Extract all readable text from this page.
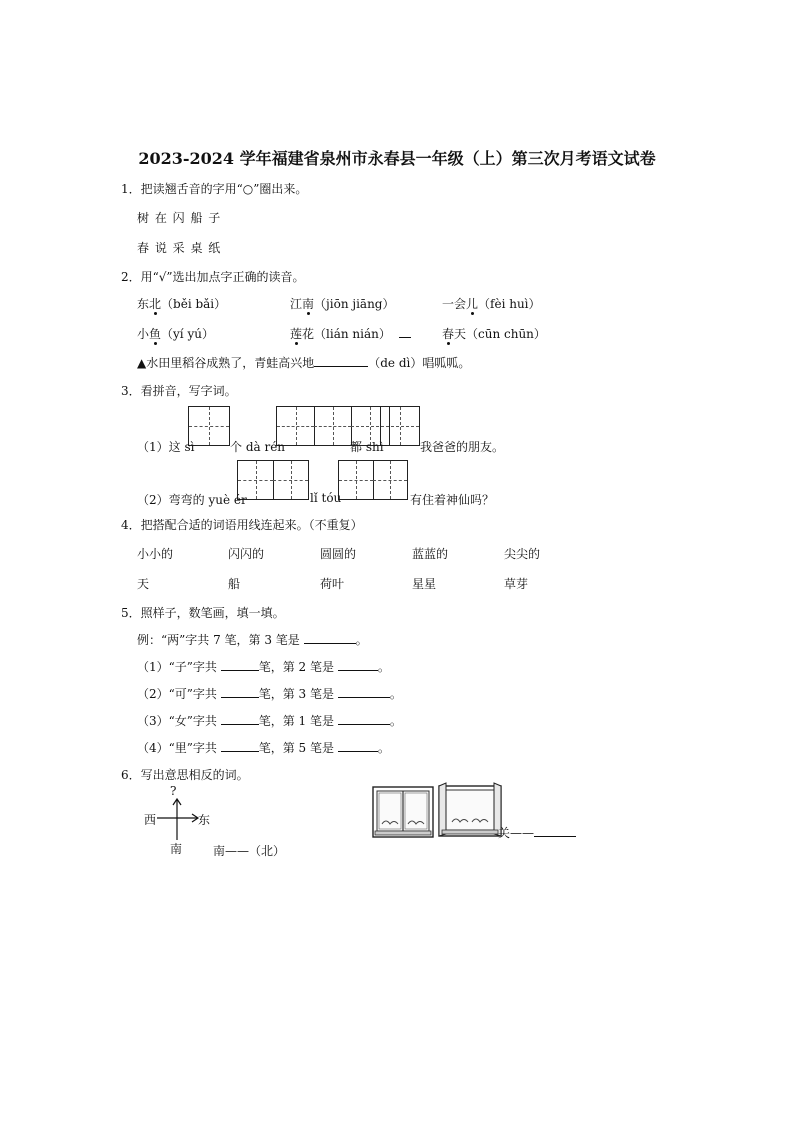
2023-2024 学年福建省泉州市永春县一年级（上）第三次月考语文试卷
1．把读翘舌音的字用“○”圈出来。
树 在 闪 船 子
春 说 采 桌 纸
2．用“√”选出加点字正确的读音。
东北（běi bǎi）	江南（jiōn jiāng）	一会儿（fèi huì）
小鱼（yí yú）	莲花（lián nián）	春天（cūn chūn）
▲水田里稻谷成熟了，青蛙高兴地	（de dì）唱呱呱。
3．看拼音，写字词。
（1）这 sì	个 dà rén	都 shì	我爸爸的朋友。
（2）弯弯的 yuè ér	lǐ tóu	有住着神仙吗？
4．把搭配合适的词语用线连起来。（不重复）
小小的	闪闪的	圆圆的	蓝蓝的	尖尖的
天	船	荷叶	星星	草芽
5．照样子，数笔画，填一填。
例：“两”字共 7 笔，第 3 笔是	。
（1）“子”字共	笔，第 2 笔是	。
（2）“可”字共	笔，第 3 笔是	。
（3）“女”字共	笔，第 1 笔是	。
（4）“里”字共	笔，第 5 笔是	。
6．写出意思相反的词。
?
西	东
南	南——（北）
关——
